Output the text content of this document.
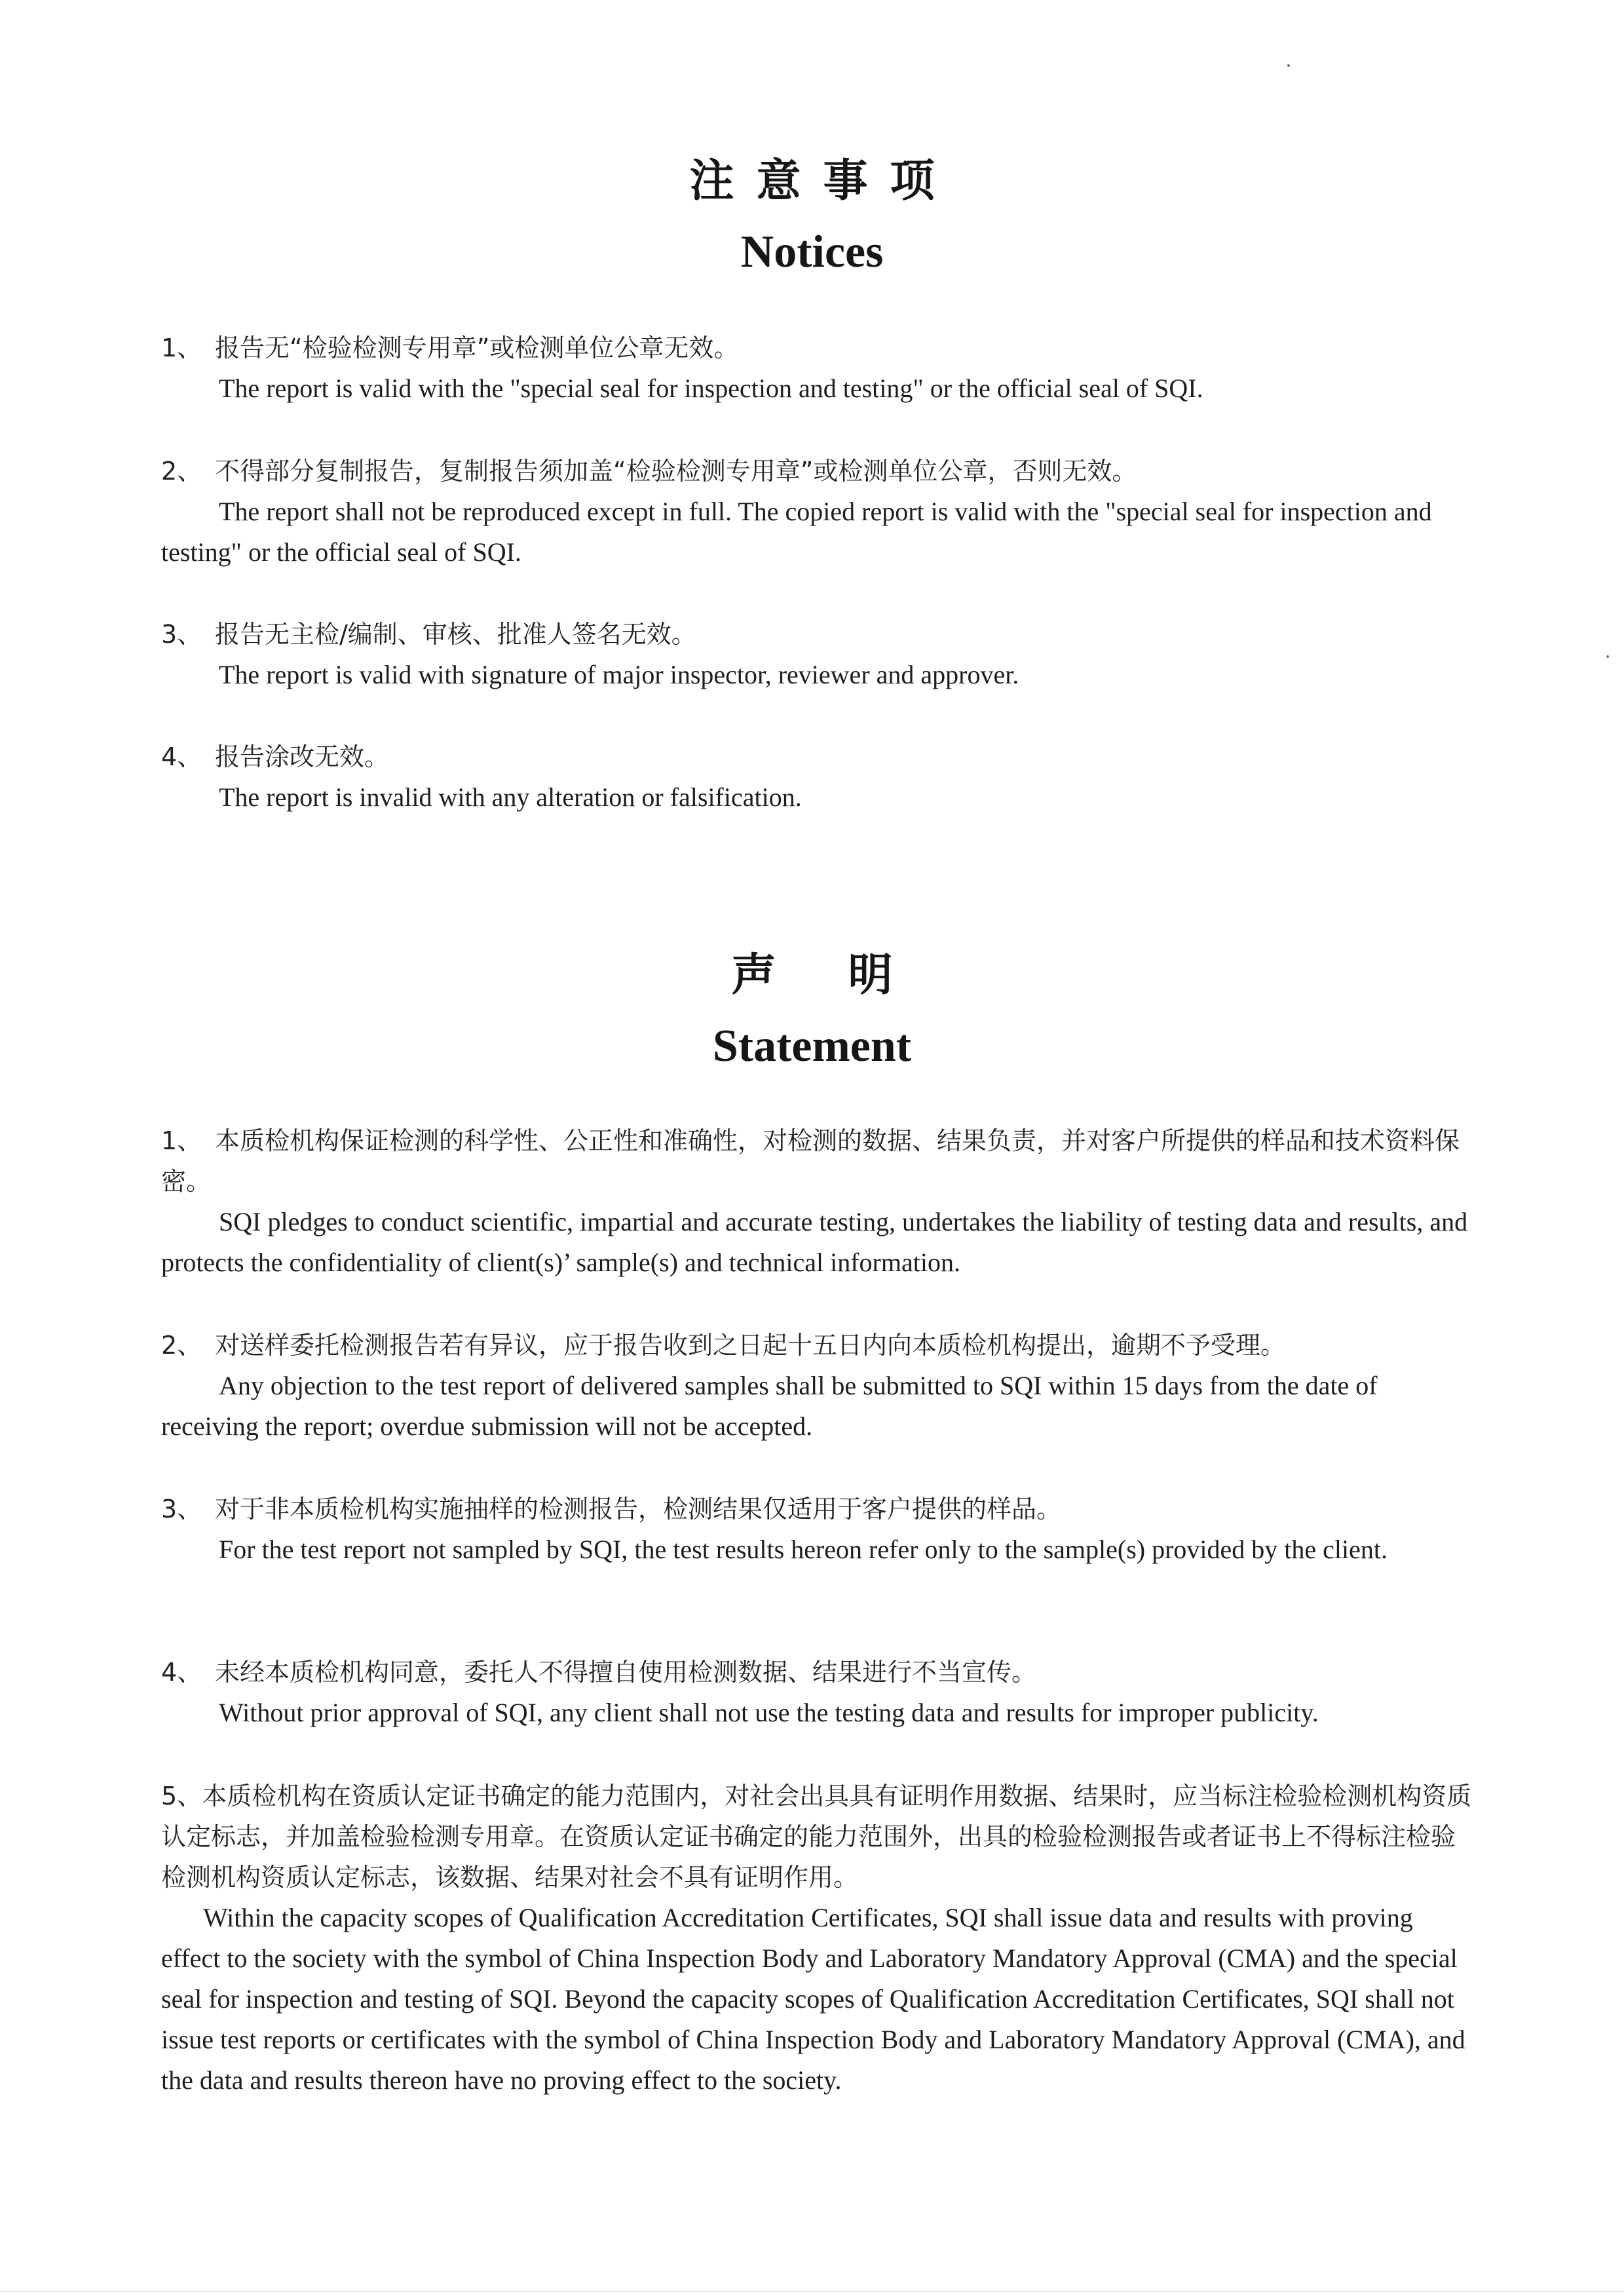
注意事项
Notices
1、 报告无“检验检测专用章”或检测单位公章无效。
The report is valid with the "special seal for inspection and testing" or the official seal of SQI.
2、 不得部分复制报告，复制报告须加盖“检验检测专用章”或检测单位公章，否则无效。
The report shall not be reproduced except in full. The copied report is valid with the "special seal for inspection and testing" or the official seal of SQI.
3、 报告无主检/编制、审核、批准人签名无效。
The report is valid with signature of major inspector, reviewer and approver.
4、 报告涂改无效。
The report is invalid with any alteration or falsification.
声明
Statement
1、 本质检机构保证检测的科学性、公正性和准确性，对检测的数据、结果负责，并对客户所提供的样品和技术资料保密。
SQI pledges to conduct scientific, impartial and accurate testing, undertakes the liability of testing data and results, and protects the confidentiality of client(s)’ sample(s) and technical information.
2、 对送样委托检测报告若有异议，应于报告收到之日起十五日内向本质检机构提出，逾期不予受理。
Any objection to the test report of delivered samples shall be submitted to SQI within 15 days from the date of receiving the report; overdue submission will not be accepted.
3、 对于非本质检机构实施抽样的检测报告，检测结果仅适用于客户提供的样品。
For the test report not sampled by SQI, the test results hereon refer only to the sample(s) provided by the client.
4、 未经本质检机构同意，委托人不得擅自使用检测数据、结果进行不当宣传。
Without prior approval of SQI, any client shall not use the testing data and results for improper publicity.
5、本质检机构在资质认定证书确定的能力范围内，对社会出具具有证明作用数据、结果时，应当标注检验检测机构资质认定标志，并加盖检验检测专用章。在资质认定证书确定的能力范围外，出具的检验检测报告或者证书上不得标注检验检测机构资质认定标志，该数据、结果对社会不具有证明作用。
Within the capacity scopes of Qualification Accreditation Certificates, SQI shall issue data and results with proving effect to the society with the symbol of China Inspection Body and Laboratory Mandatory Approval (CMA) and the special seal for inspection and testing of SQI. Beyond the capacity scopes of Qualification Accreditation Certificates, SQI shall not issue test reports or certificates with the symbol of China Inspection Body and Laboratory Mandatory Approval (CMA), and the data and results thereon have no proving effect to the society.
